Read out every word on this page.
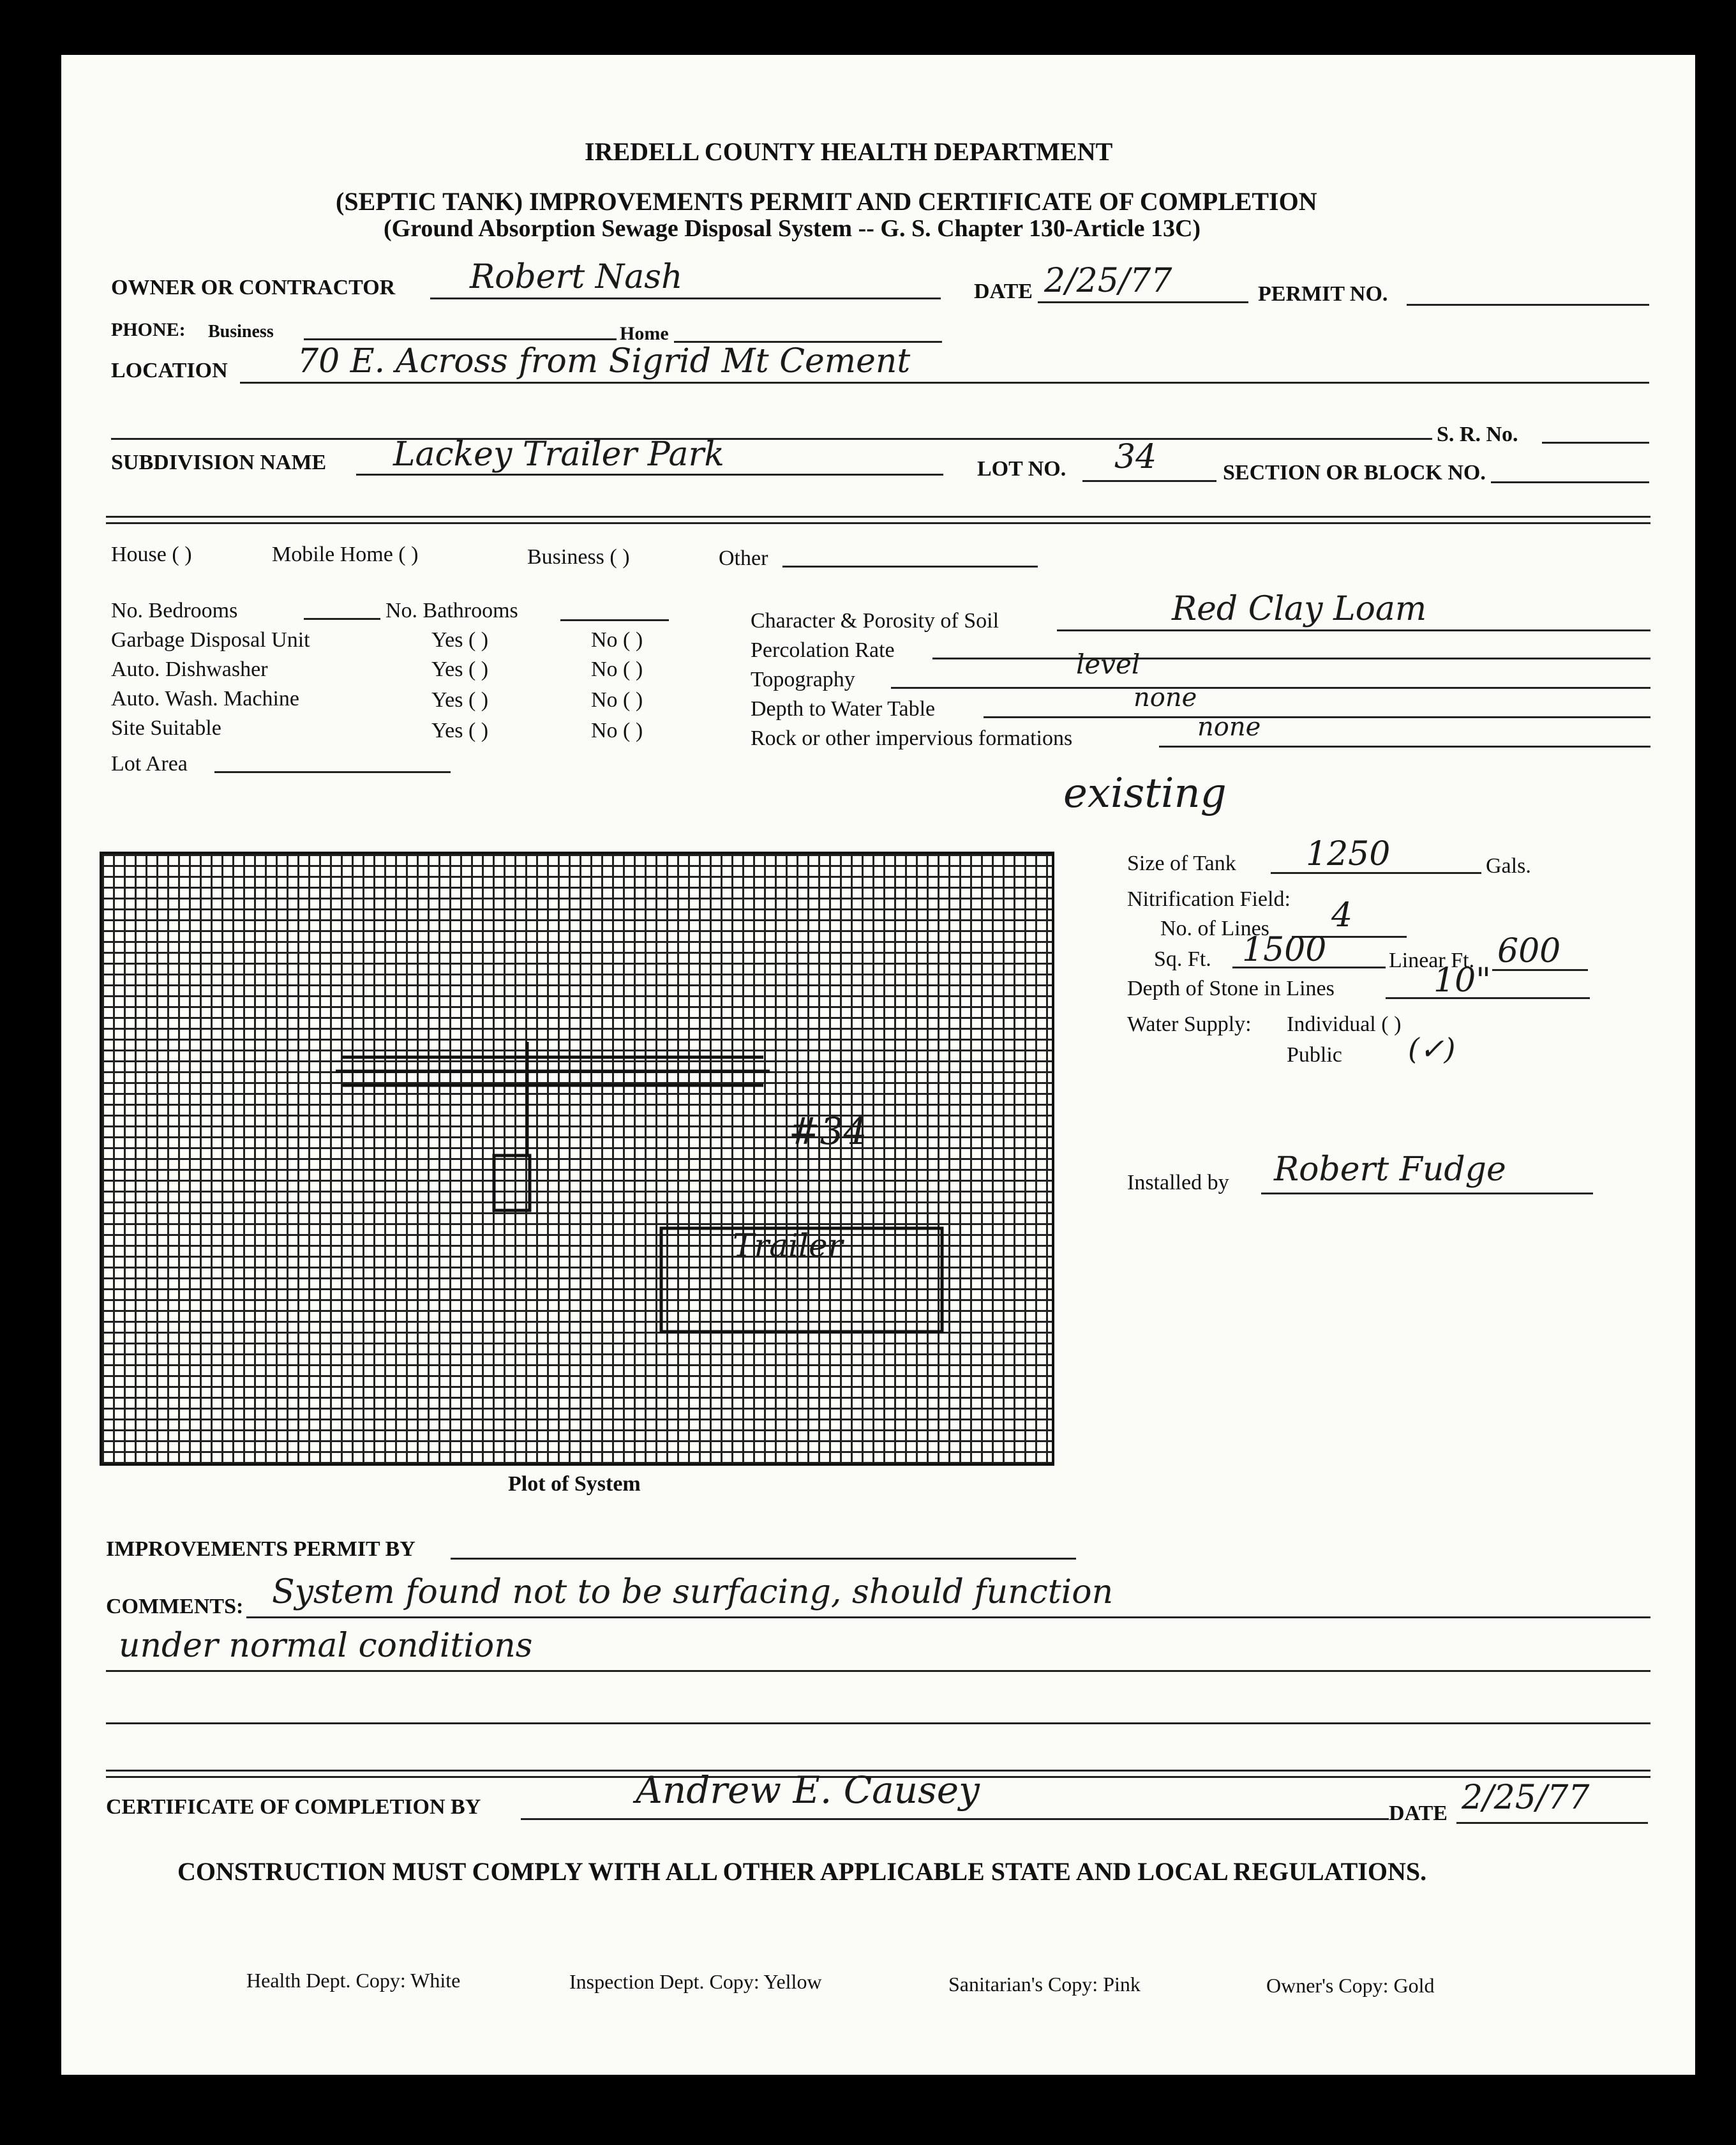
IREDELL COUNTY HEALTH DEPARTMENT
(SEPTIC TANK) IMPROVEMENTS PERMIT AND CERTIFICATE OF COMPLETION
(Ground Absorption Sewage Disposal System -- G. S. Chapter 130-Article 13C)
OWNER OR CONTRACTOR Robert Nash	DATE 2/25/77	PERMIT NO.
PHONE: Business	Home
LOCATION 70 E. Across from Sigrid Mt Cement
S. R. No.
SUBDIVISION NAME Lackey Trailer Park	LOT NO. 34	SECTION OR BLOCK NO.
House ( )	Mobile Home ( )	Business ( )	Other
No. Bedrooms	No. Bathrooms
Garbage Disposal Unit	Yes ( )	No ( )
Auto. Dishwasher	Yes ( )	No ( )
Auto. Wash. Machine	Yes ( )	No ( )
Site Suitable	Yes ( )	No ( )
Lot Area
Character & Porosity of Soil	Red Clay Loam
Percolation Rate
Topography	level
Depth to Water Table	none
Rock or other impervious formations	none
existing
#34
Trailer
Plot of System
Size of Tank 1250	Gals.
Nitrification Field:
No. of Lines 4
Sq. Ft. 1500	Linear Ft. 600
Depth of Stone in Lines	10"
Water Supply: Individual ( )
Public (✓)
Installed by Robert Fudge
IMPROVEMENTS PERMIT BY
COMMENTS: System found not to be surfacing, should function
under normal conditions
CERTIFICATE OF COMPLETION BY	Andrew E. Causey
DATE 2/25/77
CONSTRUCTION MUST COMPLY WITH ALL OTHER APPLICABLE STATE AND LOCAL REGULATIONS.
Health Dept. Copy: White	Inspection Dept. Copy: Yellow	Sanitarian's Copy: Pink	Owner's Copy: Gold
